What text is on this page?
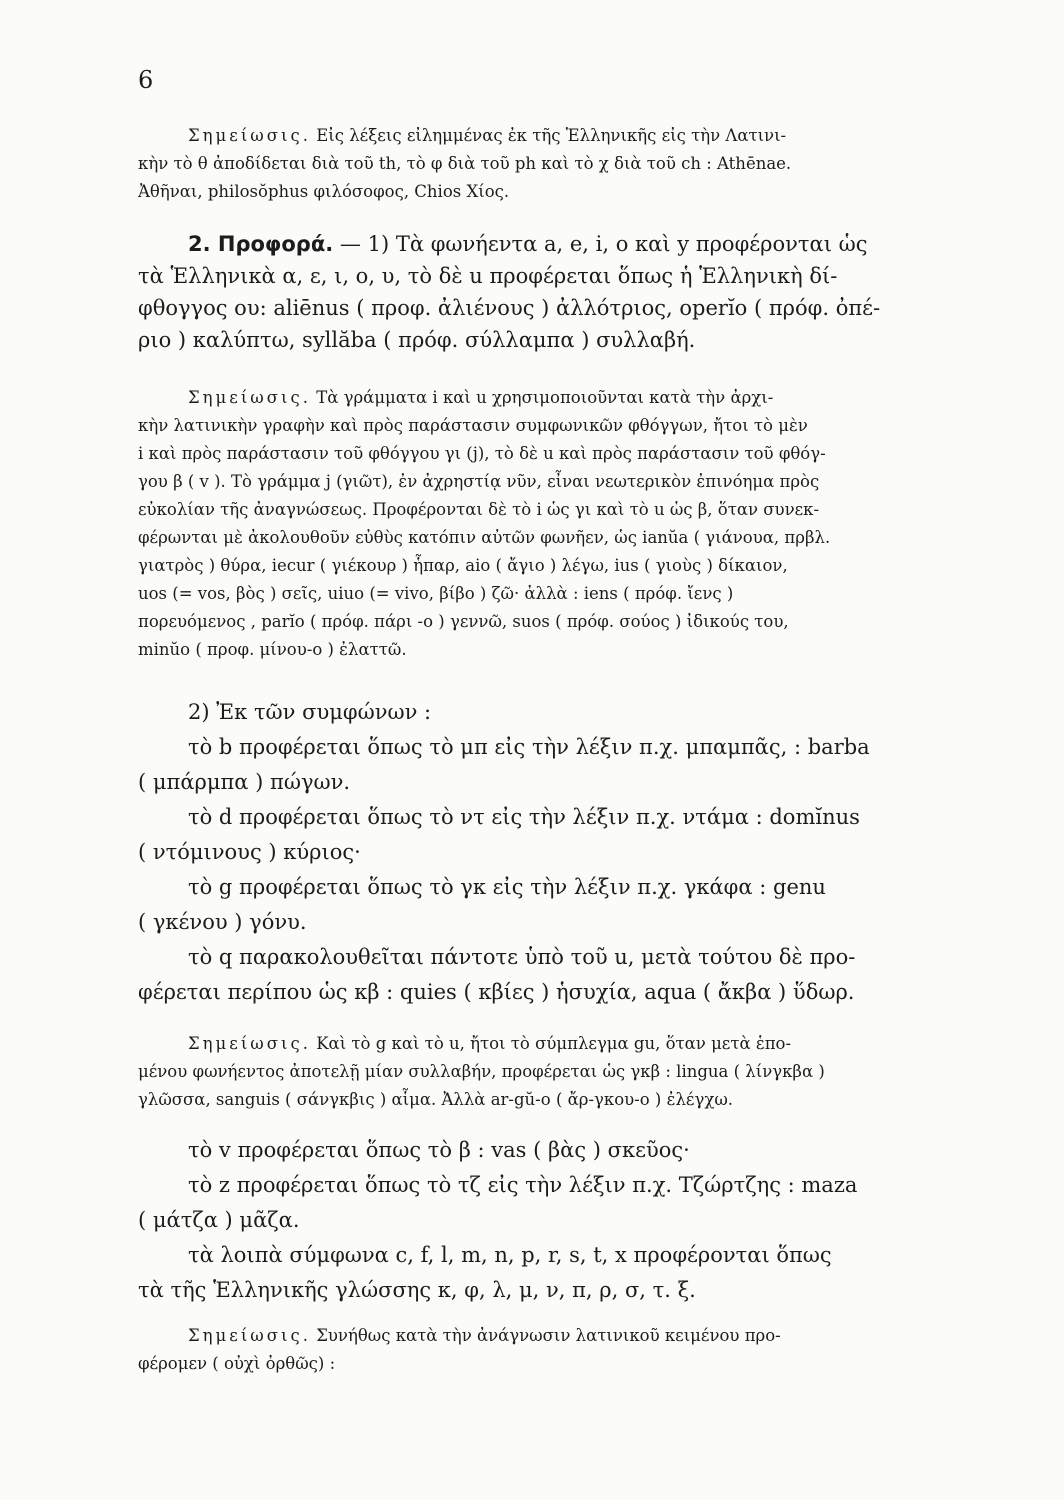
6
Σημείωσις. Εἰς λέξεις εἰλημμένας ἐκ τῆς Ἑλληνικῆς εἰς τὴν Λατινι-
κὴν τὸ θ ἀποδίδεται διὰ τοῦ th, τὸ φ διὰ τοῦ ph καὶ τὸ χ διὰ τοῦ ch : Athēnae.
Ἀθῆναι, philosŏphus φιλόσοφος, Chios Χίος.
2. Προφορά. — 1) Τὰ φωνήεντα a, e, i, o καὶ y προφέρονται ὡς
τὰ Ἑλληνικὰ α, ε, ι, ο, υ, τὸ δὲ u προφέρεται ὅπως ἡ Ἑλληνικὴ δί-
φθογγος ου: aliēnus ( προφ. ἀλιένους ) ἀλλότριος, operĭo ( πρόφ. ὀπέ-
ριο ) καλύπτω, syllăba ( πρόφ. σύλλαμπα ) συλλαβή.
Σημείωσις. Τὰ γράμματα i καὶ u χρησιμοποιοῦνται κατὰ τὴν ἀρχι-
κὴν λατινικὴν γραφὴν καὶ πρὸς παράστασιν συμφωνικῶν φθόγγων, ἤτοι τὸ μὲν
i καὶ πρὸς παράστασιν τοῦ φθόγγου γι (j), τὸ δὲ u καὶ πρὸς παράστασιν τοῦ φθόγ-
γου β ( v ). Τὸ γράμμα j (γιῶτ), ἐν ἀχρηστίᾳ νῦν, εἶναι νεωτερικὸν ἐπινόημα πρὸς
εὐκολίαν τῆς ἀναγνώσεως. Προφέρονται δὲ τὸ i ὡς γι καὶ τὸ u ὡς β, ὅταν συνεκ-
φέρωνται μὲ ἀκολουθοῦν εὐθὺς κατόπιν αὐτῶν φωνῆεν, ὡς ianŭa ( γιάνουα, πρβλ.
γιατρὸς ) θύρα, iecur ( γιέκουρ ) ἧπαρ, aio ( ἄγιο ) λέγω, ius ( γιοὺς ) δίκαιον,
uos (= vos, βὸς ) σεῖς, uiuo (= vivo, βίβο ) ζῶ· ἀλλὰ : iens ( πρόφ. ἴενς )
πορευόμενος , parĭo ( πρόφ. πάρι -ο ) γεννῶ, suos ( πρόφ. σούος ) ἰδικούς του,
minŭo ( προφ. μίνου-ο ) ἐλαττῶ.
2) Ἐκ τῶν συμφώνων :
τὸ b προφέρεται ὅπως τὸ μπ εἰς τὴν λέξιν π.χ. μπαμπᾶς, : barba
( μπάρμπα ) πώγων.
τὸ d προφέρεται ὅπως τὸ ντ εἰς τὴν λέξιν π.χ. ντάμα : domĭnus
( ντόμινους ) κύριος·
τὸ g προφέρεται ὅπως τὸ γκ εἰς τὴν λέξιν π.χ. γκάφα : genu
( γκένου ) γόνυ.
τὸ q παρακολουθεῖται πάντοτε ὑπὸ τοῦ u, μετὰ τούτου δὲ προ-
φέρεται περίπου ὡς κβ : quies ( κβίες ) ἡσυχία, aqua ( ἄκβα ) ὕδωρ.
Σημείωσις. Καὶ τὸ g καὶ τὸ u, ἤτοι τὸ σύμπλεγμα gu, ὅταν μετὰ ἑπο-
μένου φωνήεντος ἀποτελῇ μίαν συλλαβήν, προφέρεται ὡς γκβ : lingua ( λίνγκβα )
γλῶσσα, sanguis ( σάνγκβις ) αἷμα. Ἀλλὰ ar-gŭ-o ( ἄρ-γκου-ο ) ἐλέγχω.
τὸ v προφέρεται ὅπως τὸ β : vas ( βὰς ) σκεῦος·
τὸ z προφέρεται ὅπως τὸ τζ εἰς τὴν λέξιν π.χ. Τζώρτζης : maza
( μάτζα ) μᾶζα.
τὰ λοιπὰ σύμφωνα c, f, l, m, n, p, r, s, t, x προφέρονται ὅπως
τὰ τῆς Ἑλληνικῆς γλώσσης κ, φ, λ, μ, ν, π, ρ, σ, τ. ξ.
Σημείωσις. Συνήθως κατὰ τὴν ἀνάγνωσιν λατινικοῦ κειμένου προ-
φέρομεν ( οὐχὶ ὀρθῶς) :
